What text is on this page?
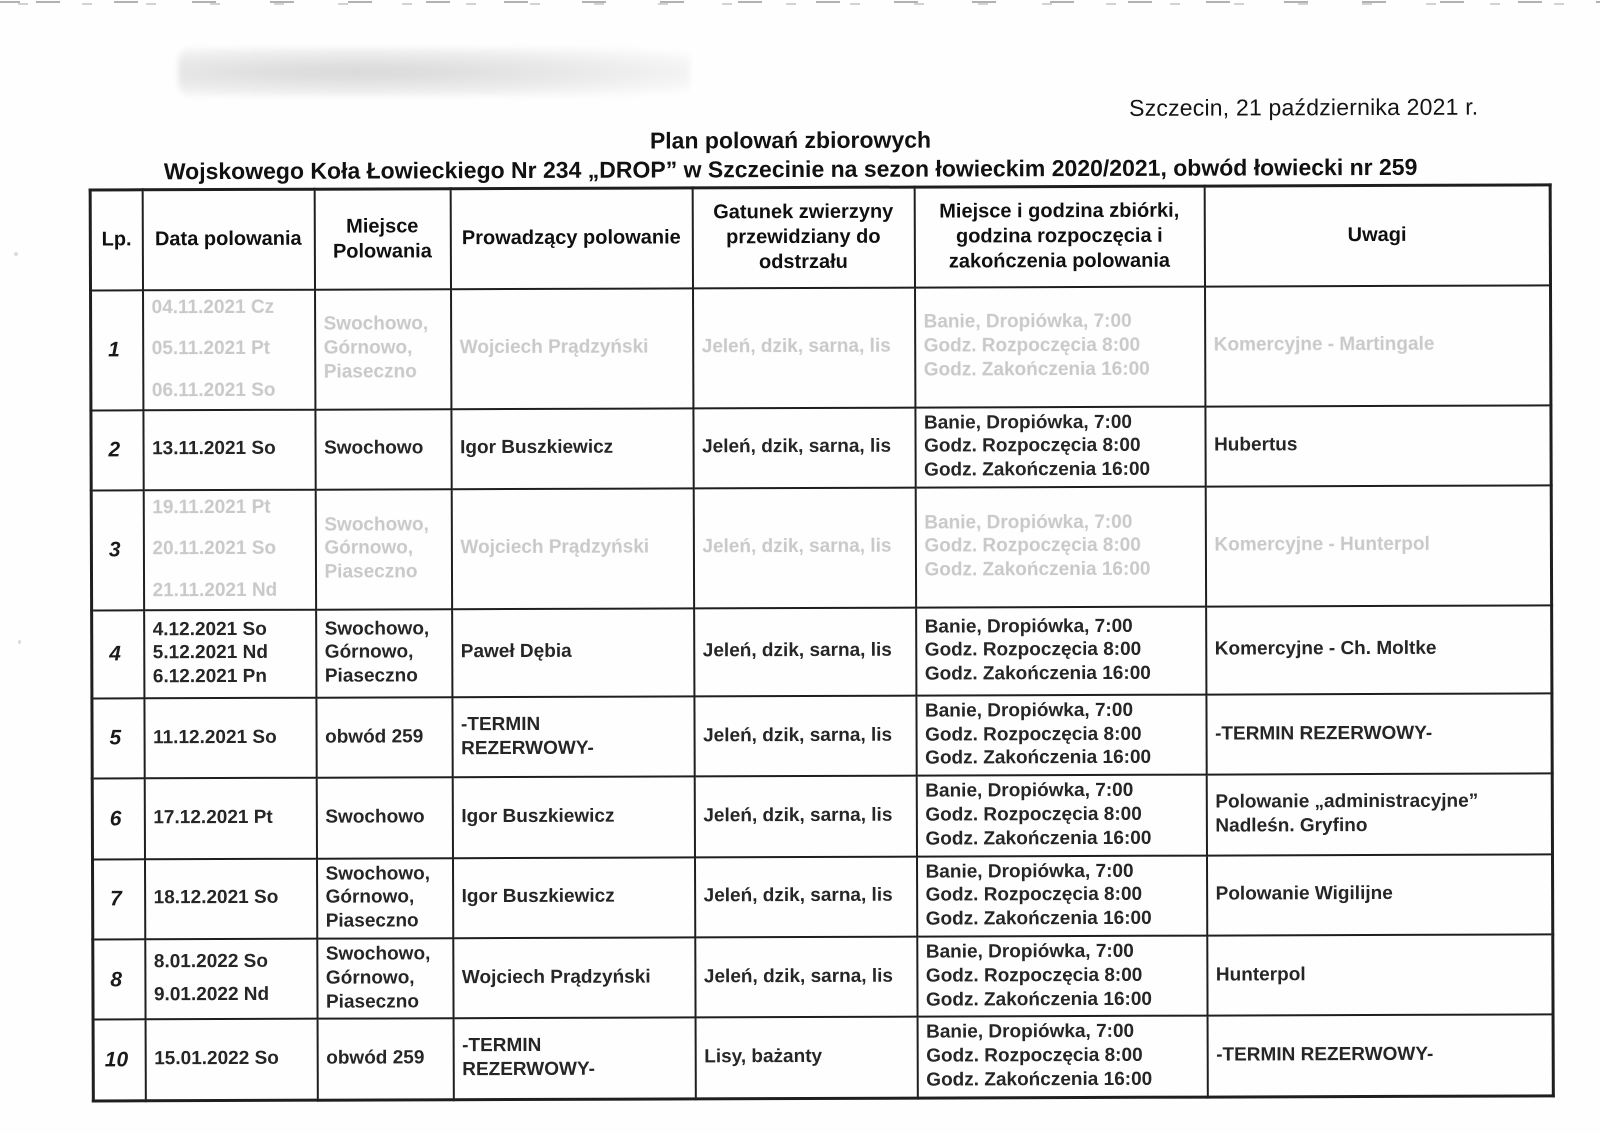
Szczecin, 21 października 2021 r.
Plan polowań zbiorowych
Wojskowego Koła Łowieckiego Nr 234 „DROP” w Szczecinie na sezon łowieckim 2020/2021, obwód łowiecki nr 259
Lp.	Data polowania	Miejsce Polowania	Prowadzący polowanie	Gatunek zwierzyny przewidziany do odstrzału	Miejsce i godzina zbiórki, godzina rozpoczęcia i zakończenia polowania	Uwagi
1	04.11.2021 Cz
05.11.2021 Pt
06.11.2021 So	Swochowo,
Górnowo,
Piaseczno	Wojciech Prądzyński	Jeleń, dzik, sarna, lis	Banie, Dropiówka, 7:00
Godz. Rozpoczęcia 8:00
Godz. Zakończenia 16:00	Komercyjne - Martingale
2	13.11.2021 So	Swochowo	Igor Buszkiewicz	Jeleń, dzik, sarna, lis	Banie, Dropiówka, 7:00
Godz. Rozpoczęcia 8:00
Godz. Zakończenia 16:00	Hubertus
3	19.11.2021 Pt
20.11.2021 So
21.11.2021 Nd	Swochowo,
Górnowo,
Piaseczno	Wojciech Prądzyński	Jeleń, dzik, sarna, lis	Banie, Dropiówka, 7:00
Godz. Rozpoczęcia 8:00
Godz. Zakończenia 16:00	Komercyjne - Hunterpol
4	4.12.2021 So
5.12.2021 Nd
6.12.2021 Pn	Swochowo,
Górnowo,
Piaseczno	Paweł Dębia	Jeleń, dzik, sarna, lis	Banie, Dropiówka, 7:00
Godz. Rozpoczęcia 8:00
Godz. Zakończenia 16:00	Komercyjne - Ch. Moltke
5	11.12.2021 So	obwód 259	-TERMIN
REZERWOWY-	Jeleń, dzik, sarna, lis	Banie, Dropiówka, 7:00
Godz. Rozpoczęcia 8:00
Godz. Zakończenia 16:00	-TERMIN REZERWOWY-
6	17.12.2021 Pt	Swochowo	Igor Buszkiewicz	Jeleń, dzik, sarna, lis	Banie, Dropiówka, 7:00
Godz. Rozpoczęcia 8:00
Godz. Zakończenia 16:00	Polowanie „administracyjne”
Nadleśn. Gryfino

7	18.12.2021 So	Swochowo,
Górnowo,
Piaseczno	Igor Buszkiewicz	Jeleń, dzik, sarna, lis	Banie, Dropiówka, 7:00
Godz. Rozpoczęcia 8:00
Godz. Zakończenia 16:00	Polowanie Wigilijne
8	8.01.2022 So
9.01.2022 Nd	Swochowo,
Górnowo,
Piaseczno	Wojciech Prądzyński	Jeleń, dzik, sarna, lis	Banie, Dropiówka, 7:00
Godz. Rozpoczęcia 8:00
Godz. Zakończenia 16:00	Hunterpol
10	15.01.2022 So	obwód 259	-TERMIN
REZERWOWY-	Lisy, bażanty	Banie, Dropiówka, 7:00
Godz. Rozpoczęcia 8:00
Godz. Zakończenia 16:00	-TERMIN REZERWOWY-
